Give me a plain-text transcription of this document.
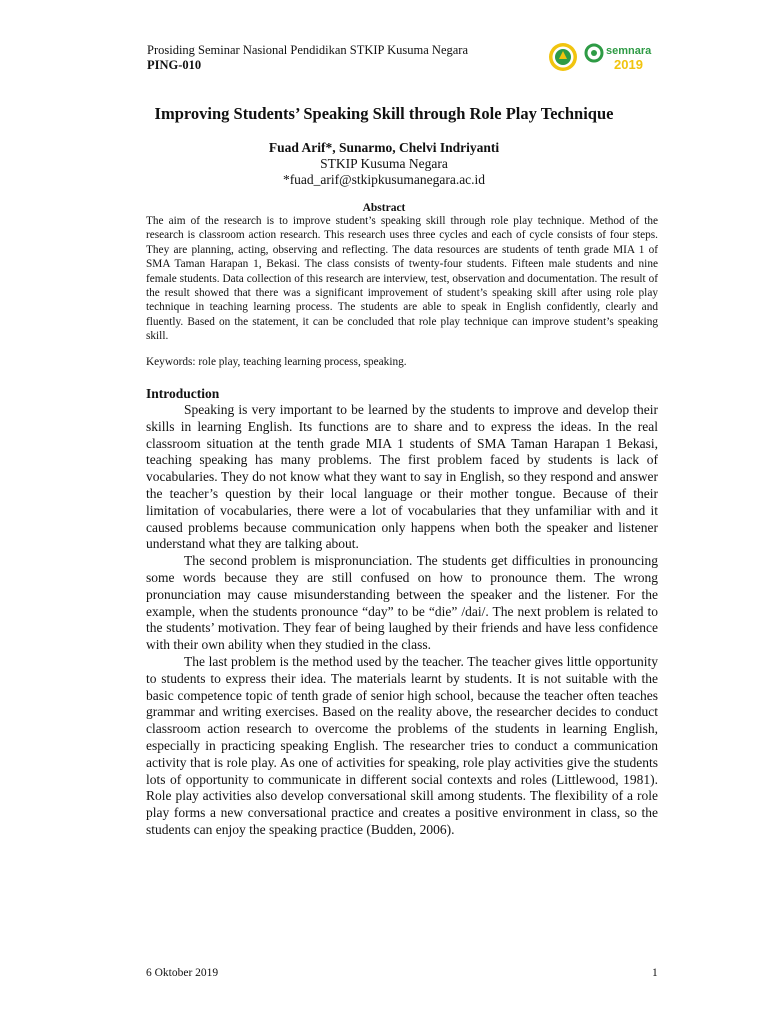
Prosiding Seminar Nasional Pendidikan STKIP Kusuma Negara
PING-010
semnara
2019
Improving Students’ Speaking Skill through Role Play Technique
Fuad Arif*, Sunarmo, Chelvi Indriyanti
STKIP Kusuma Negara
*fuad_arif@stkipkusumanegara.ac.id
Abstract

The aim of the research is to improve student’s speaking skill through role play technique. Method of the research is classroom action research. This research uses three cycles and each of cycle consists of four steps. They are planning, acting, observing and reflecting. The data resources are students of tenth grade MIA 1 of SMA Taman Harapan 1, Bekasi. The class consists of twenty-four students. Fifteen male students and nine female students. Data collection of this research are interview, test, observation and documentation. The result of the result showed that there was a significant improvement of student’s speaking skill after using role play technique in teaching learning process. The students are able to speak in English confidently, clearly and fluently. Based on the statement, it can be concluded that role play technique can improve student’s speaking skill.

Keywords: role play, teaching learning process, speaking.
Introduction

Speaking is very important to be learned by the students to improve and develop their skills in learning English. Its functions are to share and to express the ideas. In the real classroom situation at the tenth grade MIA 1 students of SMA Taman Harapan 1 Bekasi, teaching speaking has many problems. The first problem faced by students is lack of vocabularies. They do not know what they want to say in English, so they respond and answer the teacher’s question by their local language or their mother tongue. Because of their limitation of vocabularies, there were a lot of vocabularies that they unfamiliar with and it caused problems because communication only happens when both the speaker and listener understand what they are talking about.

The second problem is mispronunciation. The students get difficulties in pronouncing some words because they are still confused on how to pronounce them. The wrong pronunciation may cause misunderstanding between the speaker and the listener. For the example, when the students pronounce “day” to be “die” /dai/. The next problem is related to the students’ motivation. They fear of being laughed by their friends and have less confidence with their own ability when they studied in the class.

The last problem is the method used by the teacher. The teacher gives little opportunity to students to express their idea. The materials learnt by students. It is not suitable with the basic competence topic of tenth grade of senior high school, because the teacher often teaches grammar and writing exercises. Based on the reality above, the researcher decides to conduct classroom action research to overcome the problems of the students in learning English, especially in practicing speaking English. The researcher tries to conduct a communication activity that is role play. As one of activities for speaking, role play activities give the students lots of opportunity to communicate in different social contexts and roles (Littlewood, 1981). Role play activities also develop conversational skill among students. The flexibility of a role play forms a new conversational practice and creates a positive environment in class, so the students can enjoy the speaking practice (Budden, 2006).

6 Oktober 2019	1
